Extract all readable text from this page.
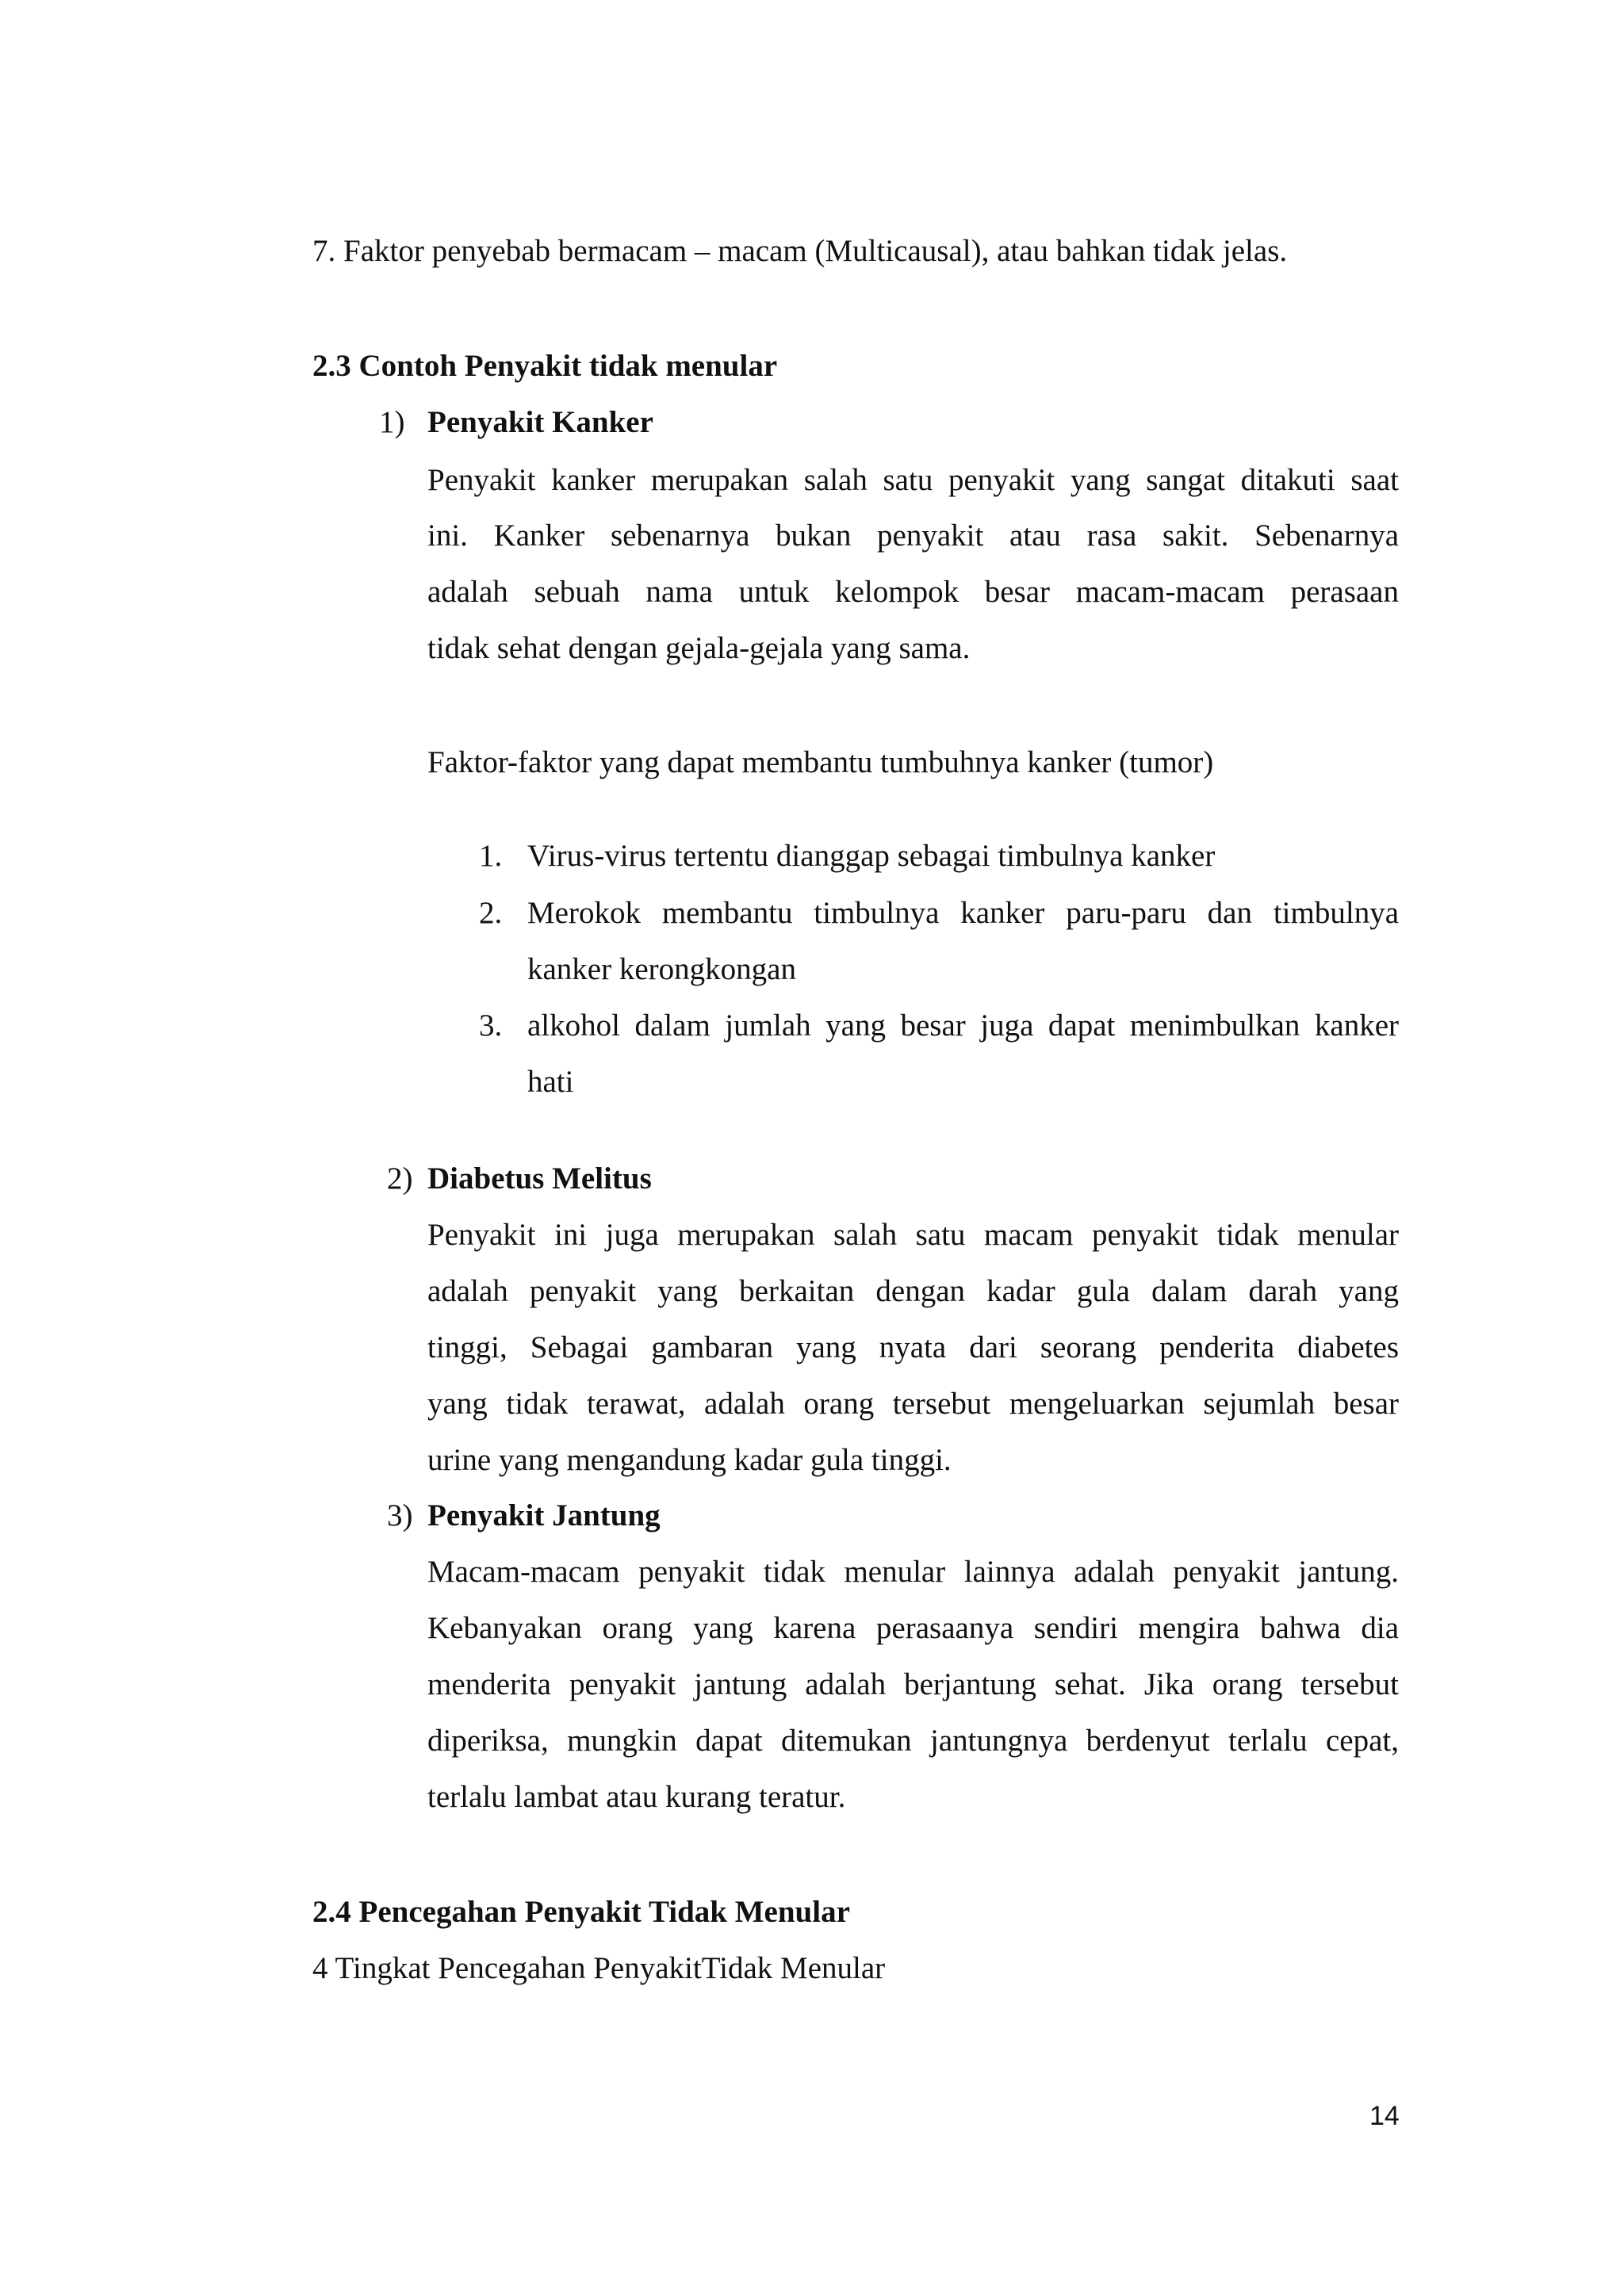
7. Faktor penyebab bermacam – macam (Multicausal), atau bahkan tidak jelas.
2.3 Contoh Penyakit tidak menular
1) Penyakit Kanker
Penyakit kanker merupakan salah satu penyakit yang sangat ditakuti saat
ini. Kanker sebenarnya bukan penyakit atau rasa sakit. Sebenarnya
adalah sebuah nama untuk kelompok besar macam-macam perasaan
tidak sehat dengan gejala-gejala yang sama.
Faktor-faktor yang dapat membantu tumbuhnya kanker (tumor)
1. Virus-virus tertentu dianggap sebagai timbulnya kanker
2. Merokok membantu timbulnya kanker paru-paru dan timbulnya
kanker kerongkongan
3. alkohol dalam jumlah yang besar juga dapat menimbulkan kanker
hati
2) Diabetus Melitus
Penyakit ini juga merupakan salah satu macam penyakit tidak menular
adalah penyakit yang berkaitan dengan kadar gula dalam darah yang
tinggi, Sebagai gambaran yang nyata dari seorang penderita diabetes
yang tidak terawat, adalah orang tersebut mengeluarkan sejumlah besar
urine yang mengandung kadar gula tinggi.
3) Penyakit Jantung
Macam-macam penyakit tidak menular lainnya adalah penyakit jantung.
Kebanyakan orang yang karena perasaanya sendiri mengira bahwa dia
menderita penyakit jantung adalah berjantung sehat. Jika orang tersebut
diperiksa, mungkin dapat ditemukan jantungnya berdenyut terlalu cepat,
terlalu lambat atau kurang teratur.
2.4 Pencegahan Penyakit Tidak Menular
4 Tingkat Pencegahan PenyakitTidak Menular
14
